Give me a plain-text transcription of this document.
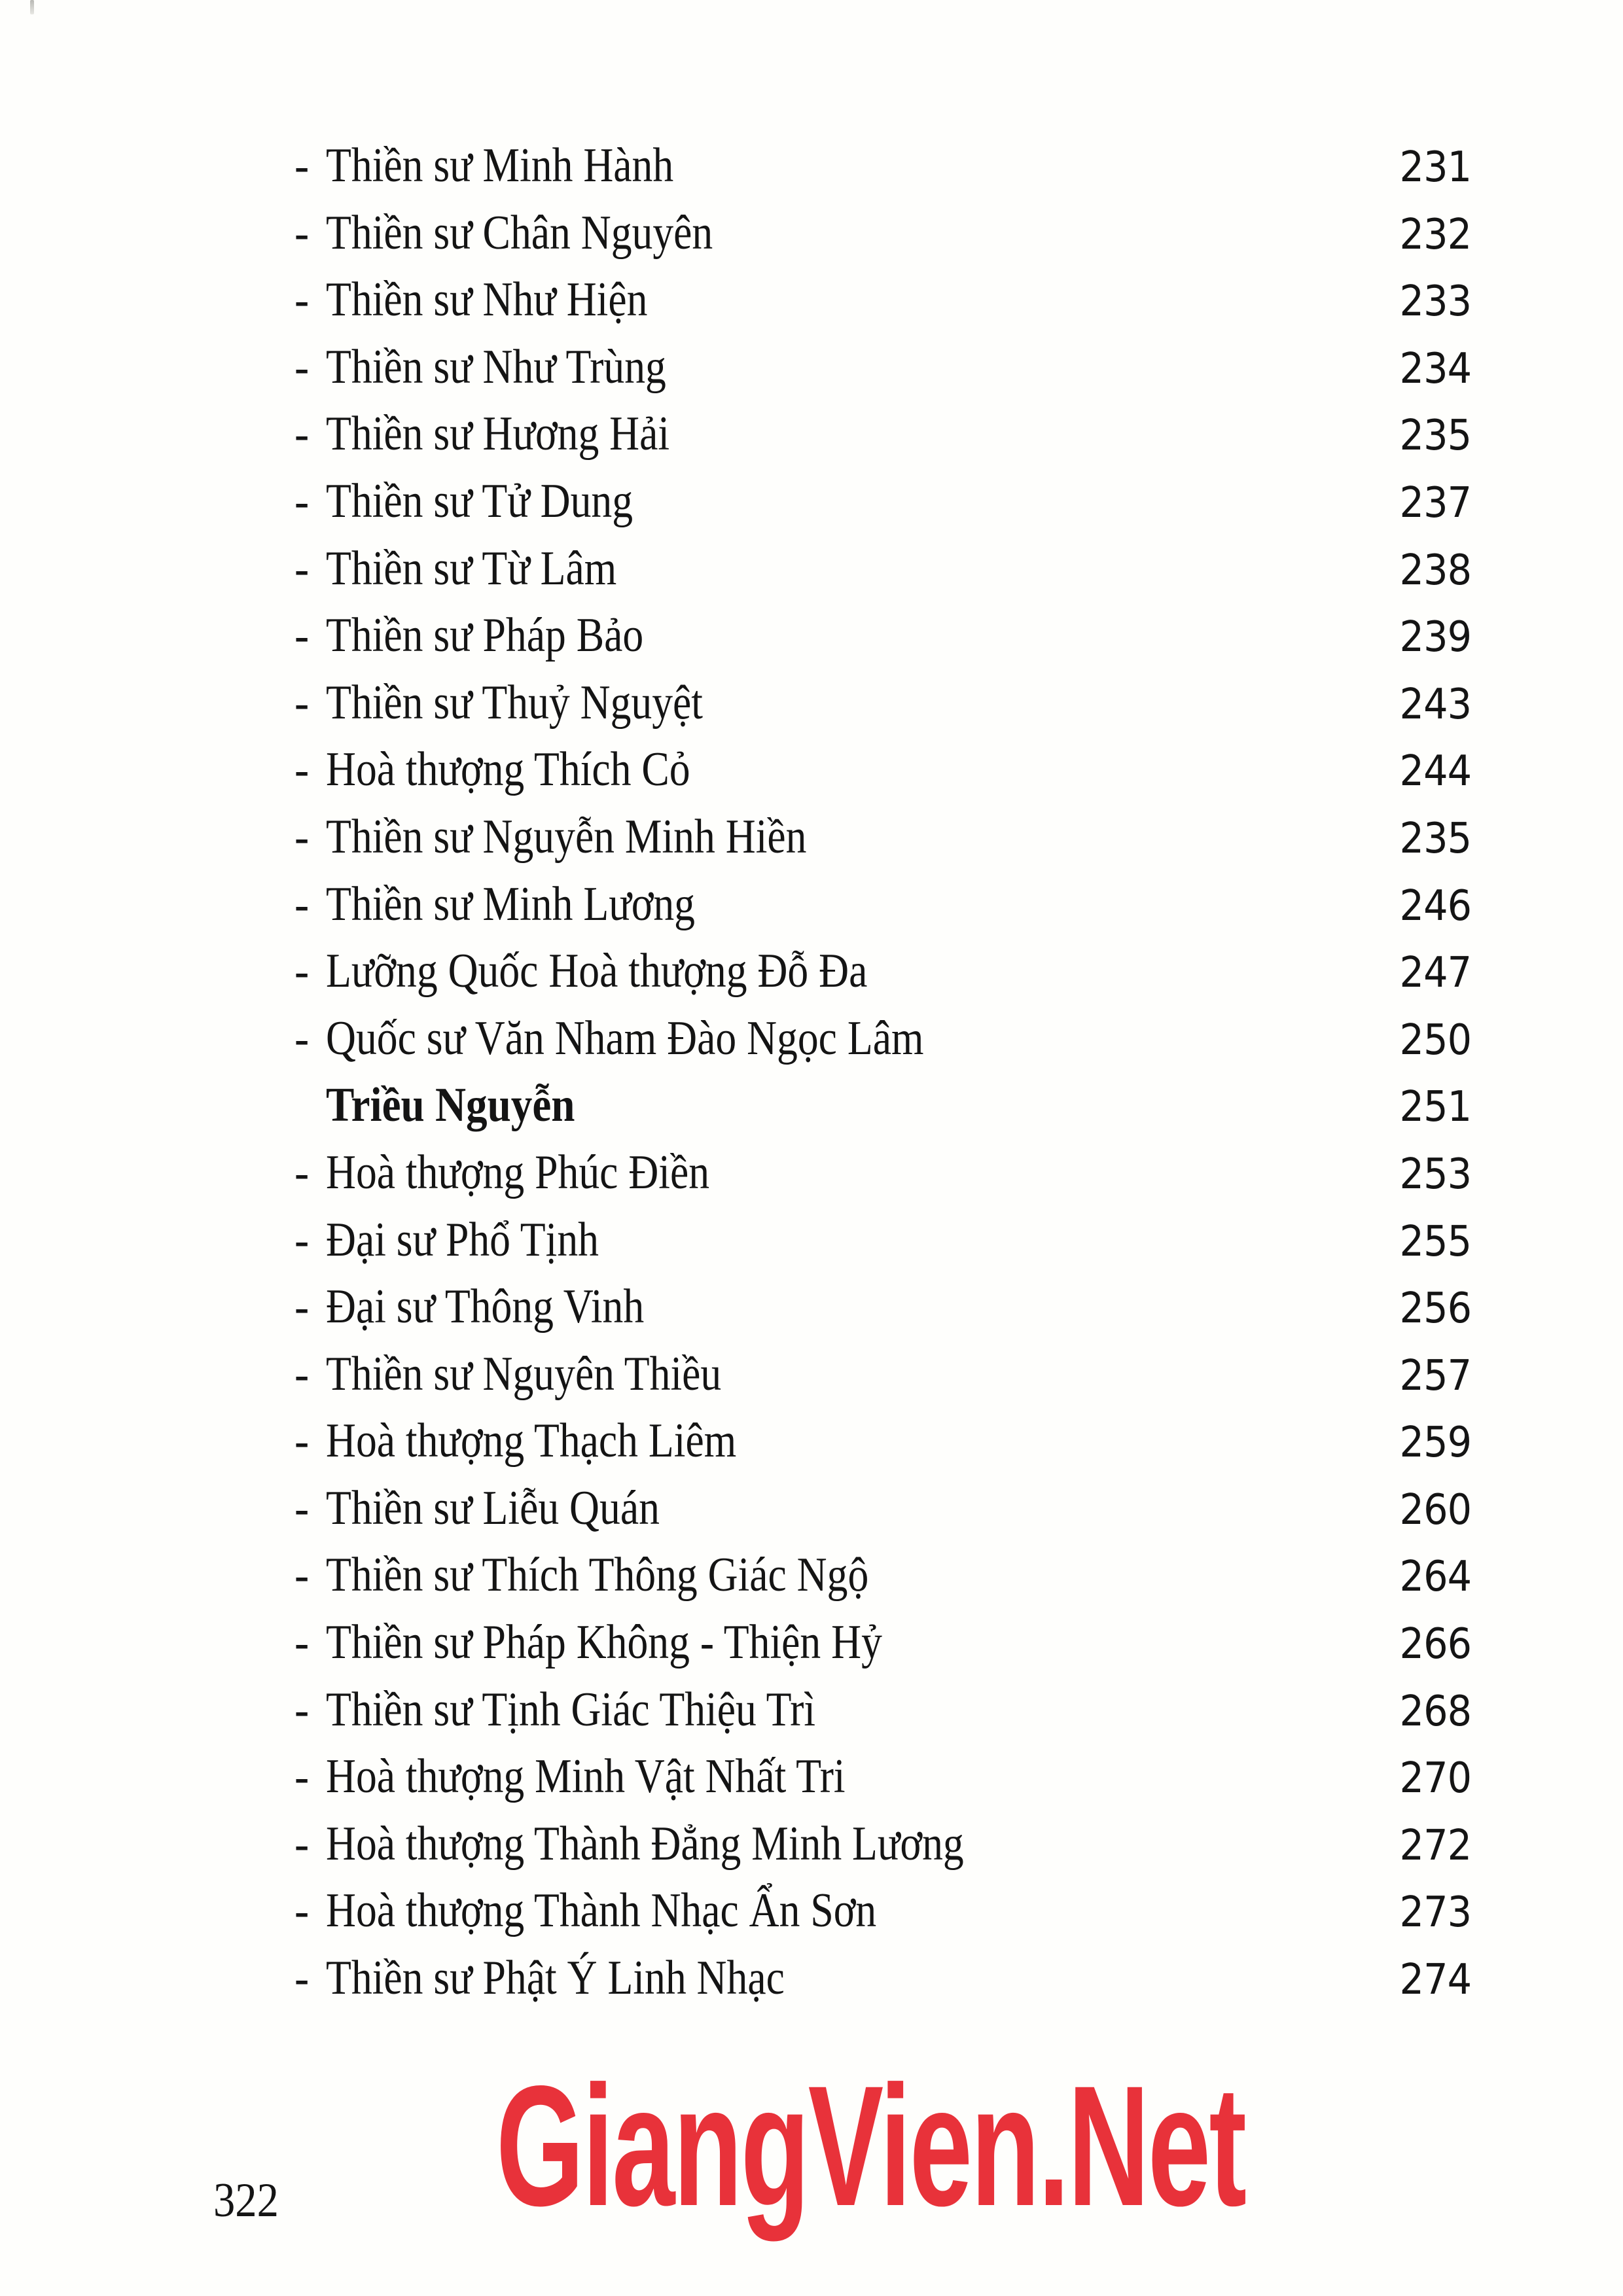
- Thiền sư Minh Hành	231
- Thiền sư Chân Nguyên	232
- Thiền sư Như Hiện	233
- Thiền sư Như Trùng	234
- Thiền sư Hương Hải	235
- Thiền sư Tử Dung	237
- Thiền sư Từ Lâm	238
- Thiền sư Pháp Bảo	239
- Thiền sư Thuỷ Nguyệt	243
- Hoà thượng Thích Cỏ	244
- Thiền sư Nguyễn Minh Hiền	235
- Thiền sư Minh Lương	246
- Lưỡng Quốc Hoà thượng Đỗ Đa	247
- Quốc sư Văn Nham Đào Ngọc Lâm	250
Triều Nguyễn	251
- Hoà thượng Phúc Điền	253
- Đại sư Phổ Tịnh	255
- Đại sư Thông Vinh	256
- Thiền sư Nguyên Thiều	257
- Hoà thượng Thạch Liêm	259
- Thiền sư Liễu Quán	260
- Thiền sư Thích Thông Giác Ngộ	264
- Thiền sư Pháp Không - Thiện Hỷ	266
- Thiền sư Tịnh Giác Thiệu Trì	268
- Hoà thượng Minh Vật Nhất Tri	270
- Hoà thượng Thành Đẳng Minh Lương	272
- Hoà thượng Thành Nhạc Ẩn Sơn	273
- Thiền sư Phật Ý Linh Nhạc	274
322 GiangVien.Net
